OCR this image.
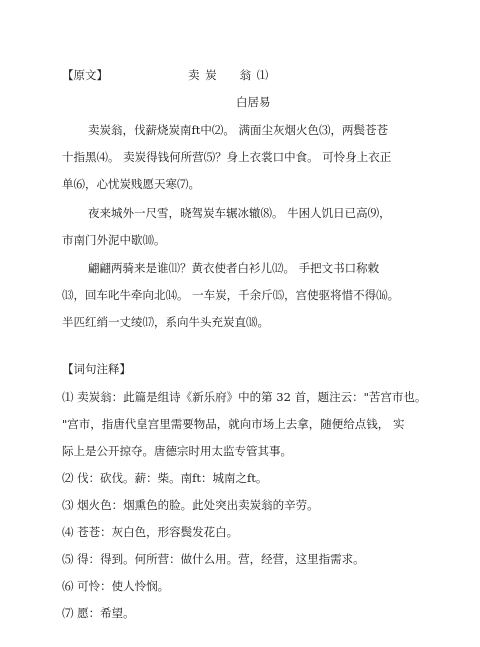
【原文】	卖 炭 翁 ⑴
白居易
卖炭翁，伐薪烧炭南ft中⑵。 满面尘灰烟火色⑶，两鬓苍苍
十指黑⑷。 卖炭得钱何所营⑸？身上衣裳口中食。 可怜身上衣正
单⑹，心忧炭贱愿天寒⑺。
夜来城外一尺雪，晓驾炭车辗冰辙⑻。 牛困人饥日已高⑼，
市南门外泥中歇⑽。
翩翩两骑来是谁⑾？黄衣使者白衫儿⑿。 手把文书口称敕
⒀，回车叱牛牵向北⒁。 一车炭，千余斤⒂，宫使驱将惜不得⒃。
半匹红绡一丈绫⒄，系向牛头充炭直⒅。
【词句注释】
⑴ 卖炭翁：此篇是组诗《新乐府》中的第 32 首，题注云："苦宫市也。
"宫市，指唐代皇宫里需要物品，就向市场上去拿，随便给点钱， 实
际上是公开掠夺。唐德宗时用太监专管其事。
⑵ 伐：砍伐。薪：柴。南ft：城南之ft。
⑶ 烟火色：烟熏色的脸。此处突出卖炭翁的辛劳。
⑷ 苍苍：灰白色，形容鬓发花白。
⑸ 得：得到。何所营：做什么用。营，经营，这里指需求。
⑹ 可怜：使人怜悯。
⑺ 愿：希望。
